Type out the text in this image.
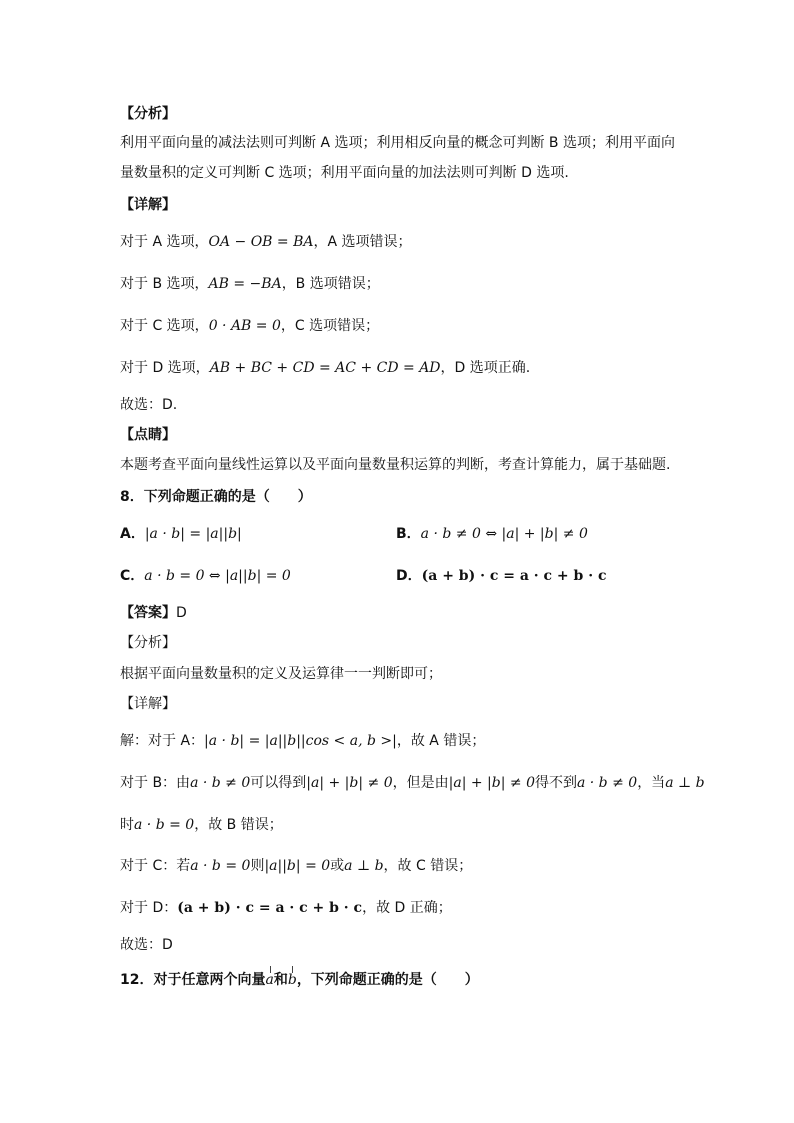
【分析】
利用平面向量的减法法则可判断 A 选项；利用相反向量的概念可判断 B 选项；利用平面向
量数量积的定义可判断 C 选项；利用平面向量的加法法则可判断 D 选项.
【详解】
对于 A 选项，OA − OB = BA，A 选项错误；
对于 B 选项，AB = −BA，B 选项错误；
对于 C 选项，0 · AB = 0，C 选项错误；
对于 D 选项，AB + BC + CD = AC + CD = AD，D 选项正确.
故选：D.
【点睛】
本题考查平面向量线性运算以及平面向量数量积运算的判断，考查计算能力，属于基础题.
8．下列命题正确的是（　　）
A．|a · b| = |a||b|	B．a · b ≠ 0 ⇔ |a| + |b| ≠ 0
C．a · b = 0 ⇔ |a||b| = 0	D．(a + b) · c = a · c + b · c
【答案】D
【分析】
根据平面向量数量积的定义及运算律一一判断即可；
【详解】
解：对于 A：|a · b| = |a||b||cos < a, b >|，故 A 错误；
对于 B：由a · b ≠ 0可以得到|a| + |b| ≠ 0，但是由|a| + |b| ≠ 0得不到a · b ≠ 0，当a ⊥ b
时a · b = 0，故 B 错误；
对于 C：若a · b = 0则|a||b| = 0或a ⊥ b，故 C 错误；
对于 D：(a + b) · c = a · c + b · c，故 D 正确；
故选：D
12．对于任意两个向量a和b，下列命题正确的是（　　）
